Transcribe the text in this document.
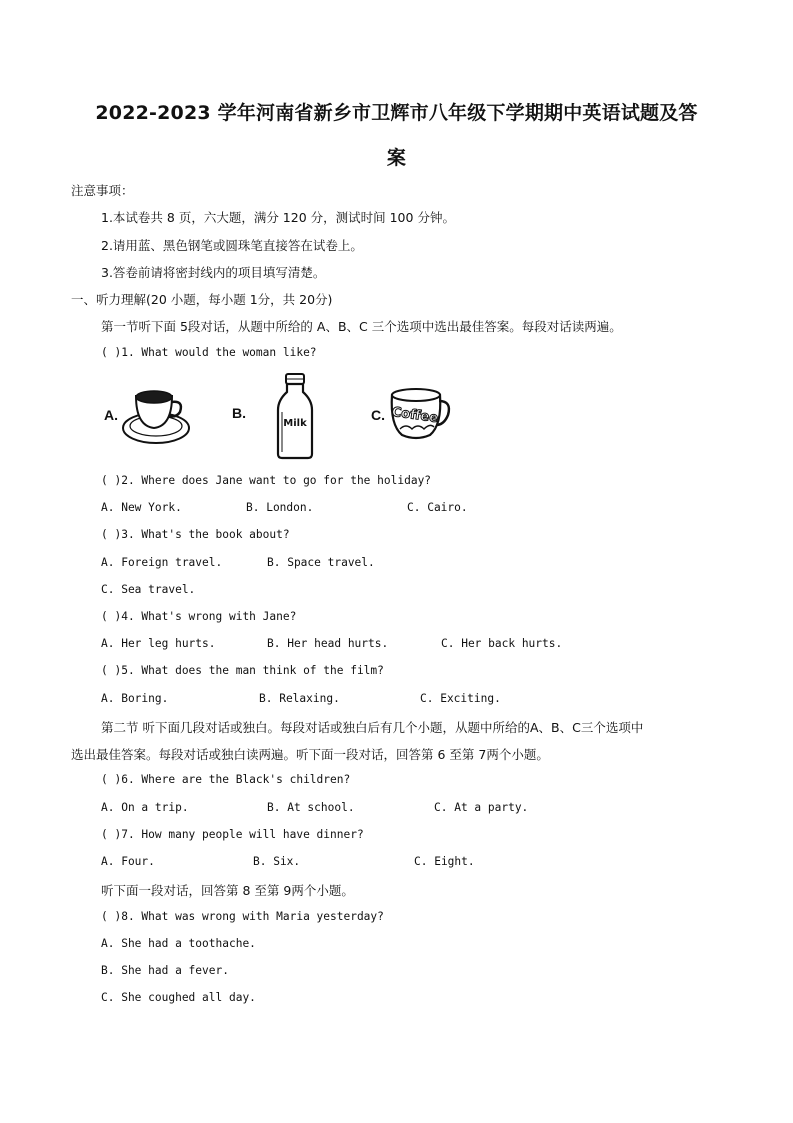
2022-2023 学年河南省新乡市卫辉市八年级下学期期中英语试题及答
案
注意事项：
1.本试卷共 8 页，六大题，满分 120 分，测试时间 100 分钟。
2.请用蓝、黑色钢笔或圆珠笔直接答在试卷上。
3.答卷前请将密封线内的项目填写清楚。
一、听力理解(20 小题，每小题 1分，共 20分)
第一节听下面 5段对话，从题中所给的 A、B、C 三个选项中选出最佳答案。每段对话读两遍。
( )1. What would the woman like?
A.	B.
Milk
C. Coffee
( )2. Where does Jane want to go for the holiday?
A. New York.	B. London.	C. Cairo.
( )3. What's the book about?
A. Foreign travel.	B. Space travel.
C. Sea travel.
( )4. What's wrong with Jane?
A. Her leg hurts.	B. Her head hurts.	C. Her back hurts.
( )5. What does the man think of the film?
A. Boring.	B. Relaxing.	C. Exciting.
第二节 听下面几段对话或独白。每段对话或独白后有几个小题，从题中所给的A、B、C三个选项中
选出最佳答案。每段对话或独白读两遍。听下面一段对话，回答第 6 至第 7两个小题。
( )6. Where are the Black's children?
A. On a trip.	B. At school.	C. At a party.
( )7. How many people will have dinner?
A. Four.	B. Six.	C. Eight.
听下面一段对话，回答第 8 至第 9两个小题。
( )8. What was wrong with Maria yesterday?
A. She had a toothache.
B. She had a fever.
C. She coughed all day.
